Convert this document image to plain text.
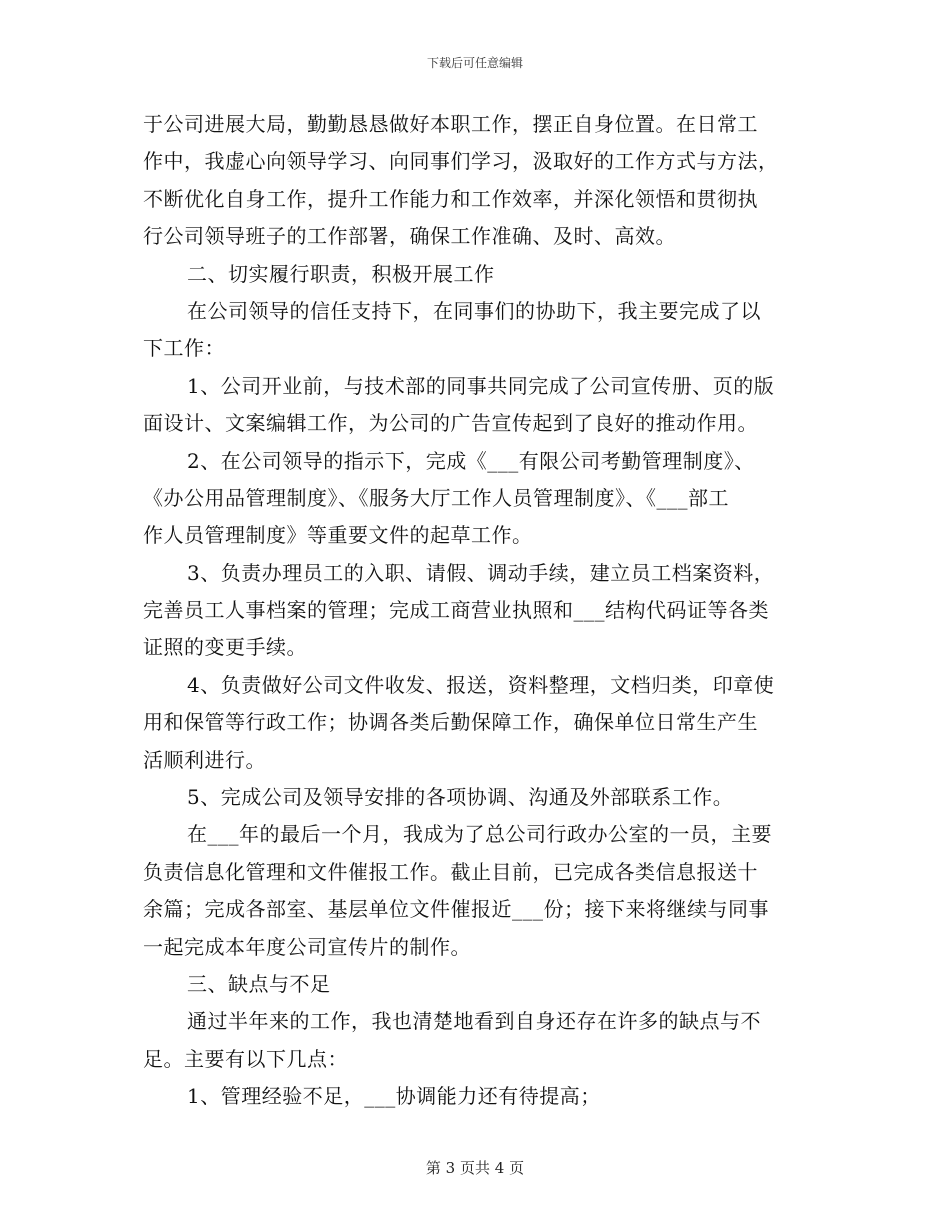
下载后可任意编辑
于公司进展大局，勤勤恳恳做好本职工作，摆正自身位置。在日常工
作中，我虚心向领导学习、向同事们学习，汲取好的工作方式与方法，
不断优化自身工作，提升工作能力和工作效率，并深化领悟和贯彻执
行公司领导班子的工作部署，确保工作准确、及时、高效。
二、切实履行职责，积极开展工作
在公司领导的信任支持下，在同事们的协助下，我主要完成了以
下工作：
1、公司开业前，与技术部的同事共同完成了公司宣传册、页的版
面设计、文案编辑工作，为公司的广告宣传起到了良好的推动作用。
2、在公司领导的指示下，完成《___有限公司考勤管理制度》、
《办公用品管理制度》、《服务大厅工作人员管理制度》、《___部工
作人员管理制度》等重要文件的起草工作。
3、负责办理员工的入职、请假、调动手续，建立员工档案资料，
完善员工人事档案的管理；完成工商营业执照和___结构代码证等各类
证照的变更手续。
4、负责做好公司文件收发、报送，资料整理，文档归类，印章使
用和保管等行政工作；协调各类后勤保障工作，确保单位日常生产生
活顺利进行。
5、完成公司及领导安排的各项协调、沟通及外部联系工作。
在___年的最后一个月，我成为了总公司行政办公室的一员，主要
负责信息化管理和文件催报工作。截止目前，已完成各类信息报送十
余篇；完成各部室、基层单位文件催报近___份；接下来将继续与同事
一起完成本年度公司宣传片的制作。
三、缺点与不足
通过半年来的工作，我也清楚地看到自身还存在许多的缺点与不
足。主要有以下几点：
1、管理经验不足，___协调能力还有待提高；
第 3 页共 4 页
